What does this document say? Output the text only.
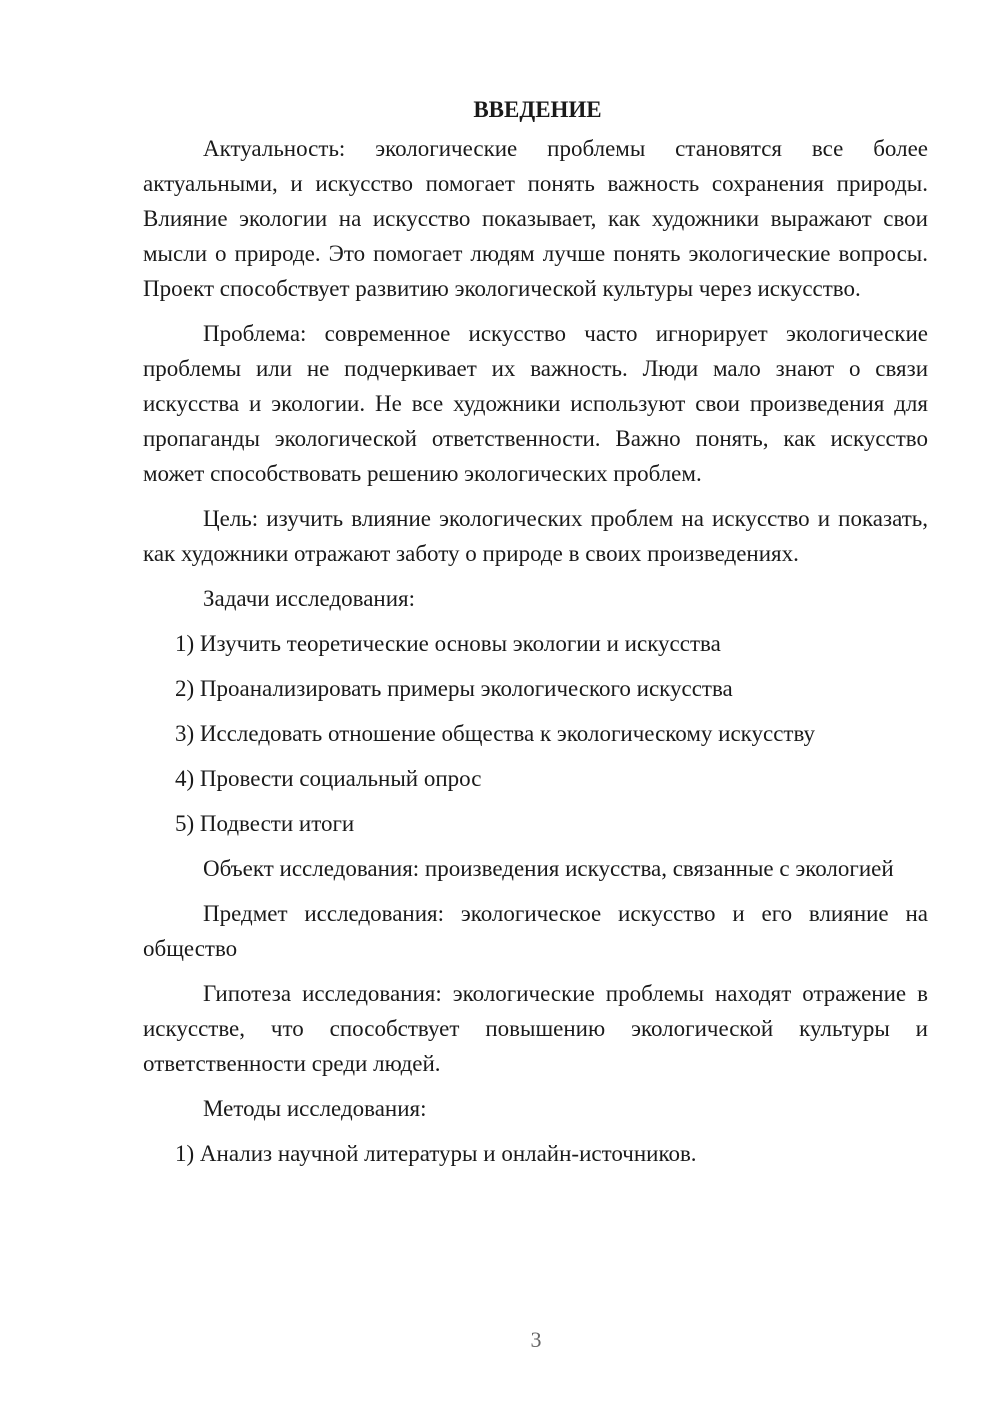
ВВЕДЕНИЕ

Актуальность: экологические проблемы становятся все более актуальными, и искусство помогает понять важность сохранения природы. Влияние экологии на искусство показывает, как художники выражают свои мысли о природе. Это помогает людям лучше понять экологические вопросы. Проект способствует развитию экологической культуры через искусство.

Проблема: современное искусство часто игнорирует экологические проблемы или не подчеркивает их важность. Люди мало знают о связи искусства и экологии. Не все художники используют свои произведения для пропаганды экологической ответственности. Важно понять, как искусство может способствовать решению экологических проблем.

Цель: изучить влияние экологических проблем на искусство и показать, как художники отражают заботу о природе в своих произведениях.

Задачи исследования:

1) Изучить теоретические основы экологии и искусства
2) Проанализировать примеры экологического искусства
3) Исследовать отношение общества к экологическому искусству
4) Провести социальный опрос
5) Подвести итоги

Объект исследования: произведения искусства, связанные с экологией

Предмет исследования: экологическое искусство и его влияние на общество

Гипотеза исследования: экологические проблемы находят отражение в искусстве, что способствует повышению экологической культуры и ответственности среди людей.

Методы исследования:

1) Анализ научной литературы и онлайн-источников.
3
